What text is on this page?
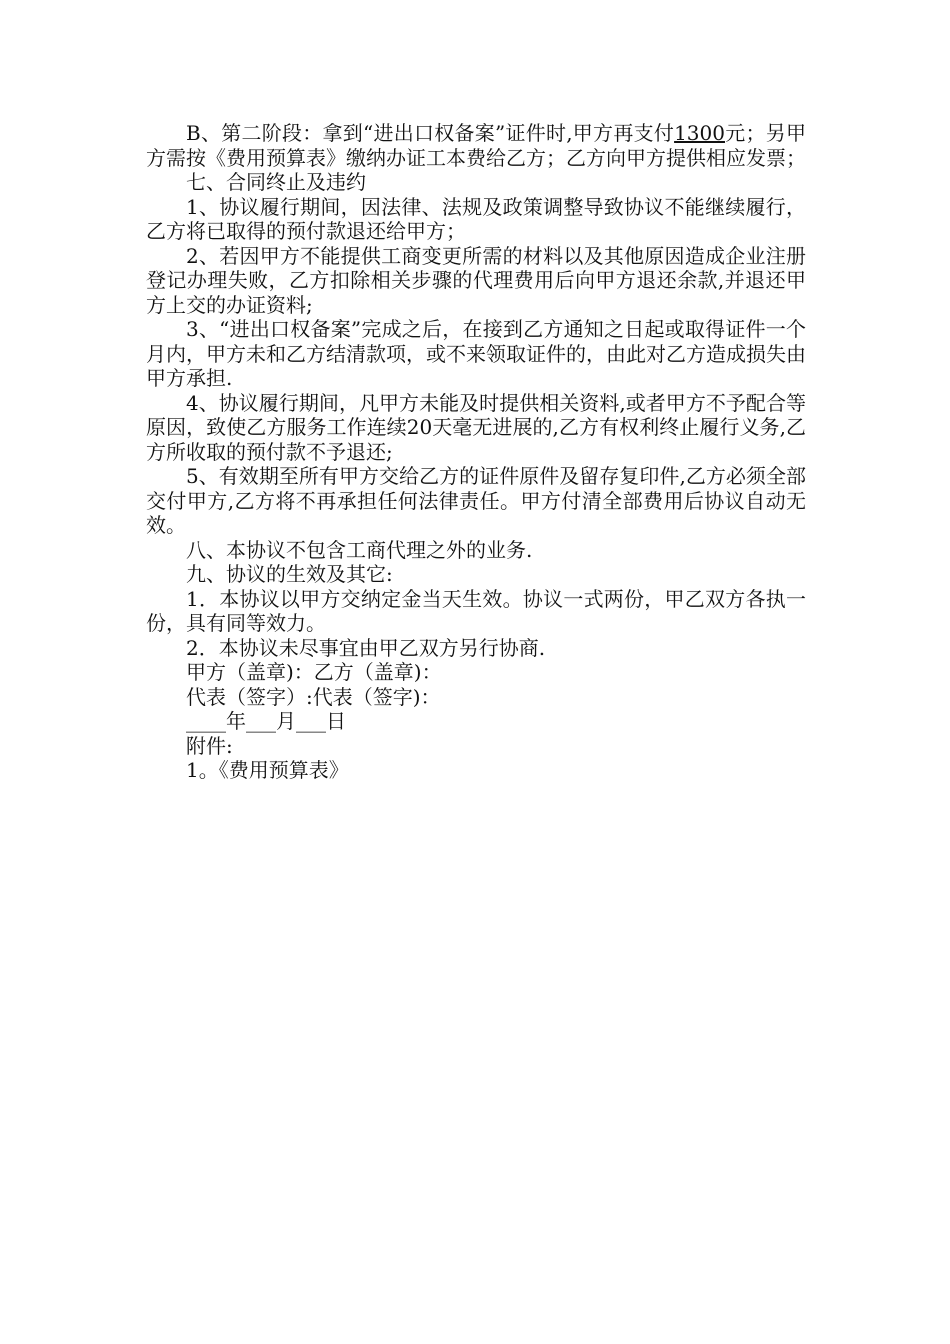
B、第二阶段：拿到“进出口权备案”证件时,甲方再支付1300元；另甲方需按《费用预算表》缴纳办证工本费给乙方；乙方向甲方提供相应发票；

七、合同终止及违约

1、协议履行期间，因法律、法规及政策调整导致协议不能继续履行，乙方将已取得的预付款退还给甲方；

2、若因甲方不能提供工商变更所需的材料以及其他原因造成企业注册登记办理失败，乙方扣除相关步骤的代理费用后向甲方退还余款,并退还甲方上交的办证资料;

3、“进出口权备案”完成之后，在接到乙方通知之日起或取得证件一个月内，甲方未和乙方结清款项，或不来领取证件的，由此对乙方造成损失由甲方承担.

4、协议履行期间，凡甲方未能及时提供相关资料,或者甲方不予配合等原因，致使乙方服务工作连续20天毫无进展的,乙方有权利终止履行义务,乙方所收取的预付款不予退还;

5、有效期至所有甲方交给乙方的证件原件及留存复印件,乙方必须全部交付甲方,乙方将不再承担任何法律责任。甲方付清全部费用后协议自动无效。

八、本协议不包含工商代理之外的业务.

九、协议的生效及其它:

1．本协议以甲方交纳定金当天生效。协议一式两份，甲乙双方各执一份，具有同等效力。

2．本协议未尽事宜由甲乙双方另行协商.

甲方（盖章)：乙方（盖章)：

代表（签字）:代表（签字)：

____年___月___日

附件:

1。《费用预算表》
